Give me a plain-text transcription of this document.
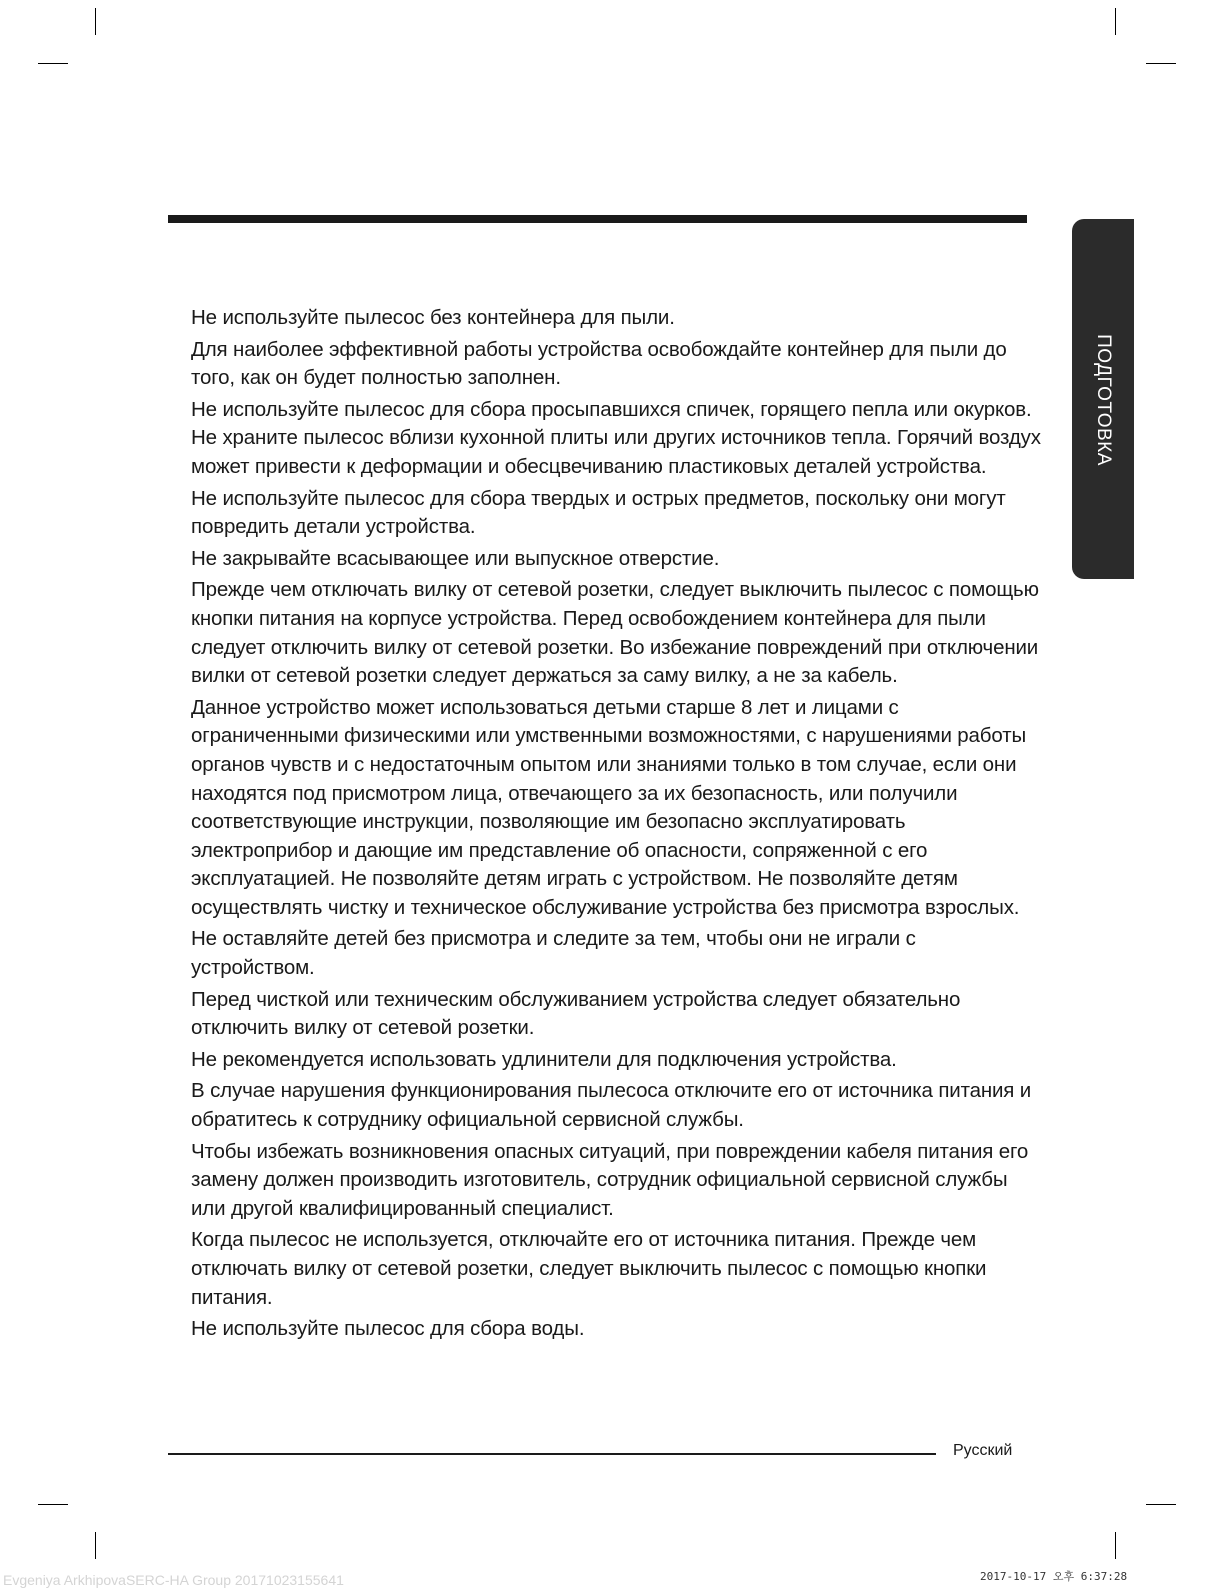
ПОДГОТОВКА

Не используйте пылесос без контейнера для пыли.

Для наиболее эффективной работы устройства освобождайте контейнер для пыли до того, как он будет полностью заполнен.

Не используйте пылесос для сбора просыпавшихся спичек, горящего пепла или окурков. Не храните пылесос вблизи кухонной плиты или других источников тепла. Горячий воздух может привести к деформации и обесцвечиванию пластиковых деталей устройства.

Не используйте пылесос для сбора твердых и острых предметов, поскольку они могут повредить детали устройства.

Не закрывайте всасывающее или выпускное отверстие.

Прежде чем отключать вилку от сетевой розетки, следует выключить пылесос с помощью кнопки питания на корпусе устройства. Перед освобождением контейнера для пыли следует отключить вилку от сетевой розетки. Во избежание повреждений при отключении вилки от сетевой розетки следует держаться за саму вилку, а не за кабель.

Данное устройство может использоваться детьми старше 8 лет и лицами с ограниченными физическими или умственными возможностями, с нарушениями работы органов чувств и с недостаточным опытом или знаниями только в том случае, если они находятся под присмотром лица, отвечающего за их безопасность, или получили соответствующие инструкции, позволяющие им безопасно эксплуатировать электроприбор и дающие им представление об опасности, сопряженной с его эксплуатацией. Не позволяйте детям играть с устройством. Не позволяйте детям осуществлять чистку и техническое обслуживание устройства без присмотра взрослых.

Не оставляйте детей без присмотра и следите за тем, чтобы они не играли с устройством.

Перед чисткой или техническим обслуживанием устройства следует обязательно отключить вилку от сетевой розетки.

Не рекомендуется использовать удлинители для подключения устройства.

В случае нарушения функционирования пылесоса отключите его от источника питания и обратитесь к сотруднику официальной сервисной службы.

Чтобы избежать возникновения опасных ситуаций, при повреждении кабеля питания его замену должен производить изготовитель, сотрудник официальной сервисной службы или другой квалифицированный специалист.

Когда пылесос не используется, отключайте его от источника питания. Прежде чем отключать вилку от сетевой розетки, следует выключить пылесос с помощью кнопки питания.

Не используйте пылесос для сбора воды.

Русский
Evgeniya ArkhipovaSERC-HA Group 20171023155641	2017-10-17 오후 6:37:28
